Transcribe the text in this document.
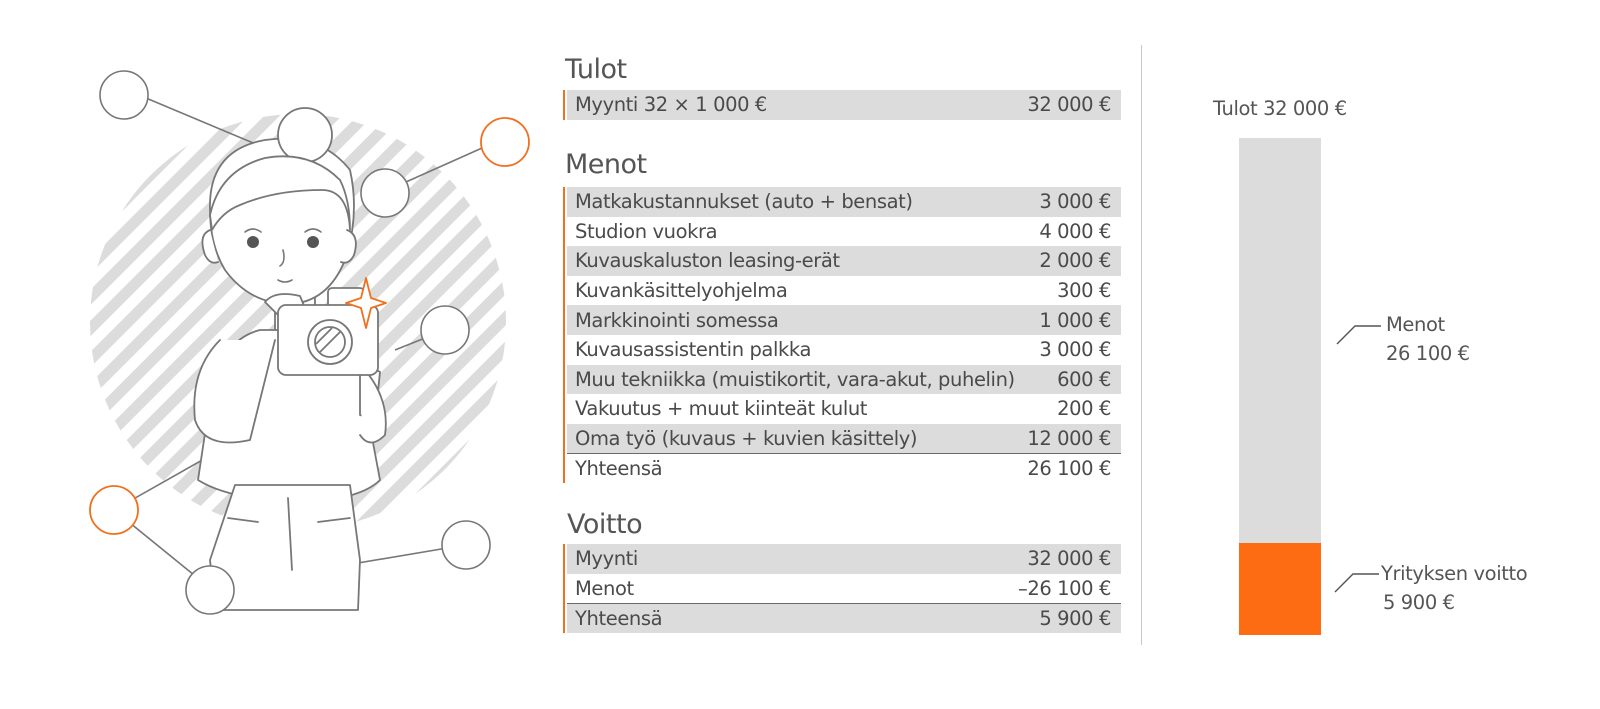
Tulot
Myynti 32 × 1 000 €	32 000 €
Menot
Matkakustannukset (auto + bensat)	3 000 €
Studion vuokra	4 000 €
Kuvauskaluston leasing-erät	2 000 €
Kuvankäsittelyohjelma	300 €
Markkinointi somessa	1 000 €
Kuvausassistentin palkka	3 000 €
Muu tekniikka (muistikortit, vara-akut, puhelin) 600 €
Vakuutus + muut kiinteät kulut	200 €
Oma työ (kuvaus + kuvien käsittely)	12 000 €
Yhteensä	26 100 €
Voitto
Myynti	32 000 €
Menot	–26 100 €
Yhteensä	5 900 €
Tulot 32 000 €
Menot
26 100 €
Yrityksen voitto
5 900 €
